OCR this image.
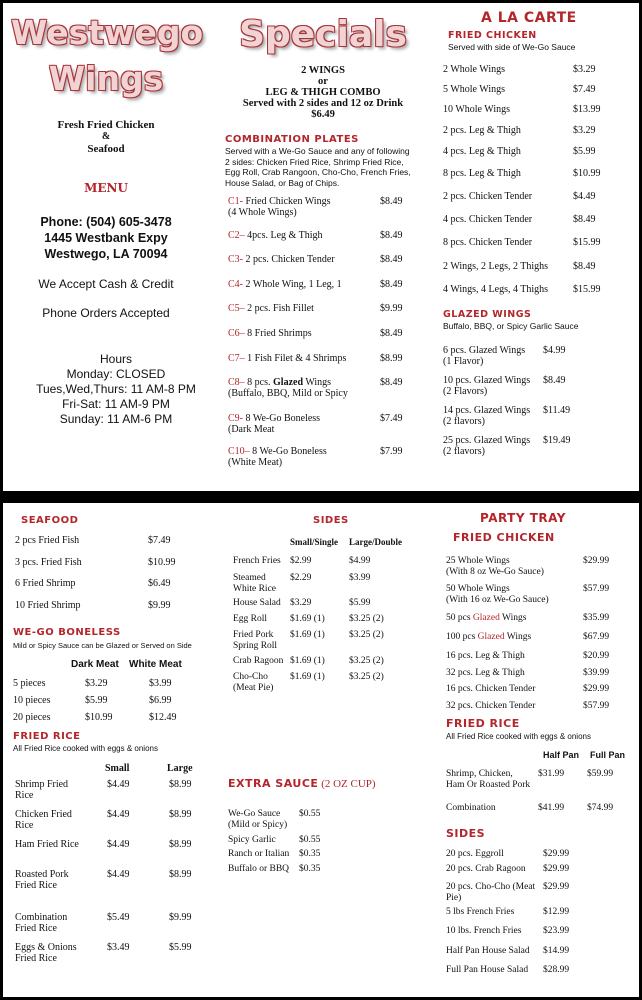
Westwego
Wings
Fresh Fried Chicken
&
Seafood
MENU
Phone: (504) 605-3478
1445 Westbank Expy
Westwego, LA 70094
We Accept Cash & Credit
Phone Orders Accepted
Hours
Monday: CLOSED
Tues,Wed,Thurs: 11 AM-8 PM
Fri-Sat: 11 AM-9 PM
Sunday: 11 AM-6 PM
Specials
2 WINGS
or
LEG & THIGH COMBO
Served with 2 sides and 12 oz Drink
$6.49
COMBINATION PLATES
Served with a We-Go Sauce and any of following
2 sides: Chicken Fried Rice, Shrimp Fried Rice,
Egg Roll, Crab Rangoon, Cho-Cho, French Fries,
House Salad, or Bag of Chips.
A LA CARTE
FRIED CHICKEN
Served with side of We-Go Sauce
GLAZED WINGS
Buffalo, BBQ, or Spicy Garlic Sauce
C1- Fried Chicken Wings
(4 Whole Wings)
$8.49
C2– 4pcs. Leg & Thigh	$8.49
C3- 2 pcs. Chicken Tender	$8.49
C4- 2 Whole Wing, 1 Leg, 1	$8.49
C5– 2 pcs. Fish Fillet	$9.99
C6– 8 Fried Shrimps	$8.49
C7– 1 Fish Filet & 4 Shrimps	$8.99
C8– 8 pcs. Glazed Wings
(Buffalo, BBQ, Mild or Spicy
$8.49
C9- 8 We-Go Boneless
(Dark Meat
$7.49
C10– 8 We-Go Boneless
(White Meat)
$7.99
2 Whole Wings	$3.29
5 Whole Wings	$7.49
10 Whole Wings	$13.99
2 pcs. Leg & Thigh	$3.29
4 pcs. Leg & Thigh	$5.99
8 pcs. Leg & Thigh	$10.99
2 pcs. Chicken Tender	$4.49
4 pcs. Chicken Tender	$8.49
8 pcs. Chicken Tender	$15.99
2 Wings, 2 Legs, 2 Thighs $8.49
4 Wings, 4 Legs, 4 Thighs $15.99
6 pcs. Glazed Wings
(1 Flavor)
$4.99
10 pcs. Glazed Wings
(2 Flavors)
$8.49
14 pcs. Glazed Wings
(2 flavors)
$11.49
25 pcs. Glazed Wings
(2 flavors)
$19.49
SEAFOOD
WE-GO BONELESS
Mild or Spicy Sauce can be Glazed or Served on Side
Dark Meat White Meat
FRIED RICE
All Fried Rice cooked with eggs & onions
Small	Large
SIDES
Small/Single Large/Double
EXTRA SAUCE (2 OZ CUP)
PARTY TRAY
FRIED CHICKEN
FRIED RICE
All Fried Rice cooked with eggs & onions
Half Pan Full Pan
SIDES
2 pcs Fried Fish	$7.49
3 pcs. Fried Fish	$10.99
6 Fried Shrimp	$6.49
10 Fried Shrimp	$9.99
5 pieces	$3.29	$3.99
10 pieces	$5.99	$6.99
20 pieces	$10.99	$12.49
Shrimp Fried
Rice
$4.49	$8.99
Chicken Fried
Rice
$4.49	$8.99
Ham Fried Rice	$4.49	$8.99
Roasted Pork
Fried Rice
$4.49	$8.99
Combination
Fried Rice
$5.49	$9.99
Eggs & Onions
Fried Rice
$3.49	$5.99
French Fries $2.99	$4.99
Steamed
White Rice
$2.29	$3.99
House Salad $3.29	$5.99
Egg Roll	$1.69 (1)	$3.25 (2)
Fried Pork
Spring Roll
$1.69 (1)	$3.25 (2)
Crab Ragoon $1.69 (1)	$3.25 (2)
Cho-Cho
(Meat Pie)
$1.69 (1)	$3.25 (2)
We-Go Sauce
(Mild or Spicy)
$0.55
Spicy Garlic	$0.55
Ranch or Italian	$0.35
Buffalo or BBQ	$0.35
25 Whole Wings
(With 8 oz We-Go Sauce)
$29.99
50 Whole Wings
(With 16 oz We-Go Sauce)
$57.99
50 pcs Glazed Wings	$35.99
100 pcs Glazed Wings	$67.99
16 pcs. Leg & Thigh	$20.99
32 pcs. Leg & Thigh	$39.99
16 pcs. Chicken Tender	$29.99
32 pcs. Chicken Tender	$57.99
Shrimp, Chicken,
Ham Or Roasted Pork
$31.99 $59.99
Combination	$41.99 $74.99
20 pcs. Eggroll	$29.99
20 pcs. Crab Ragoon	$29.99
20 pcs. Cho-Cho (Meat
Pie)
$29.99
5 lbs French Fries	$12.99
10 lbs. French Fries	$23.99
Half Pan House Salad	$14.99
Full Pan House Salad	$28.99
